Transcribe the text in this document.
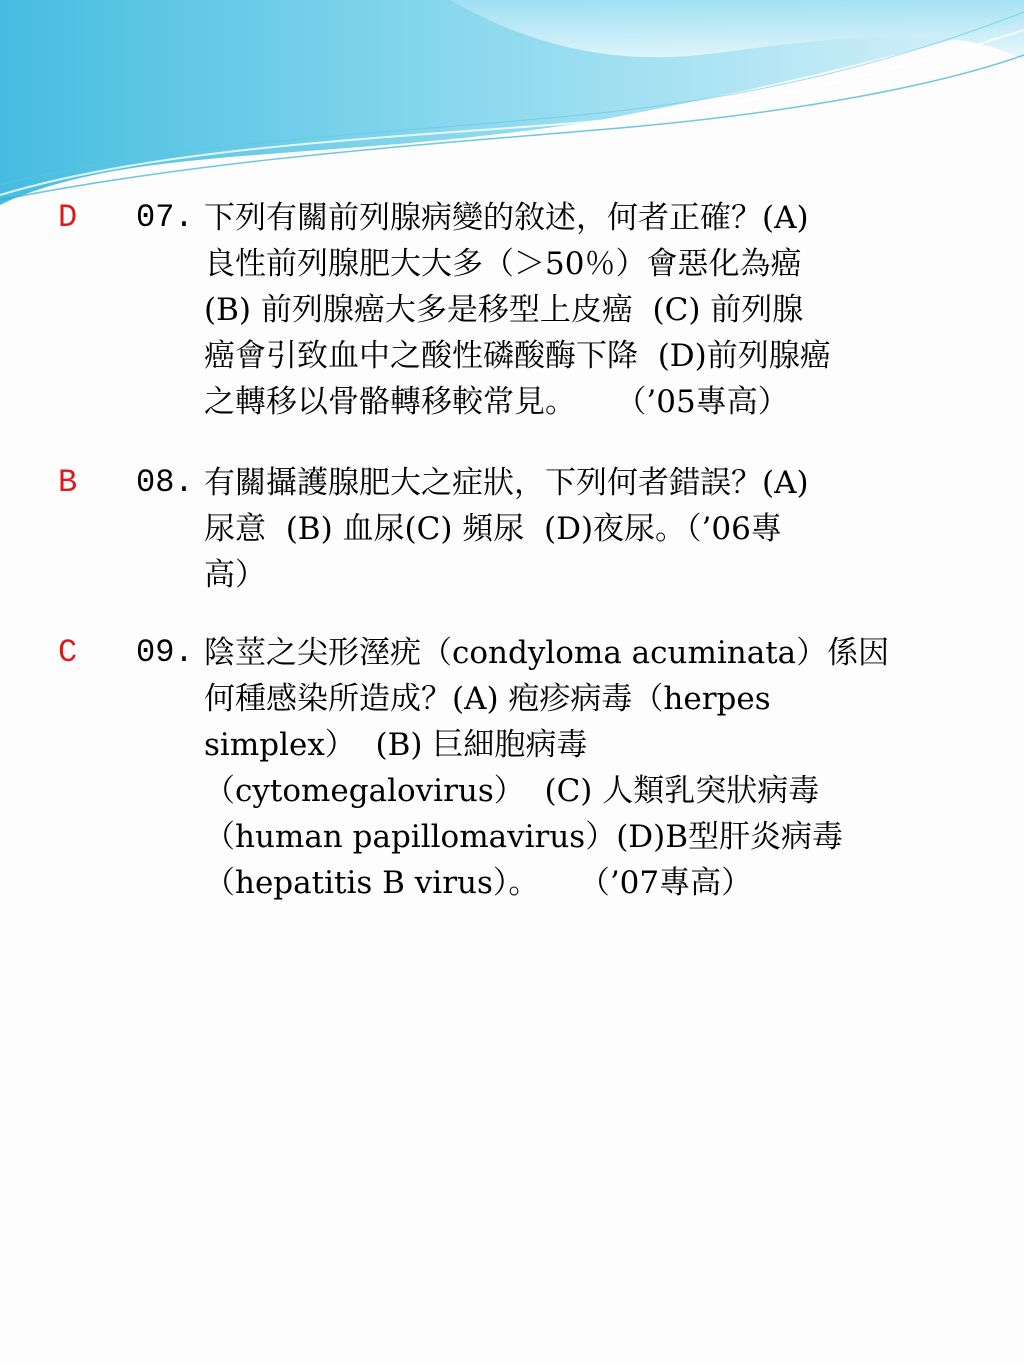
D 07. 下列有關前列腺病變的敘述，何者正確？(A)
良性前列腺肥大大多（＞50％）會惡化為癌
(B) 前列腺癌大多是移型上皮癌  (C) 前列腺
癌會引致血中之酸性磷酸酶下降  (D)前列腺癌
之轉移以骨骼轉移較常見。    （’05專高）
B 08. 有關攝護腺肥大之症狀，下列何者錯誤？(A)
尿意  (B) 血尿(C) 頻尿  (D)夜尿。（’06專
高）
C 09. 陰莖之尖形溼疣（condyloma acuminata）係因
何種感染所造成？(A) 疱疹病毒（herpes
simplex）  (B) 巨細胞病毒
（cytomegalovirus）  (C) 人類乳突狀病毒
（human papillomavirus）(D)B型肝炎病毒
（hepatitis B virus）。    （’07專高）
